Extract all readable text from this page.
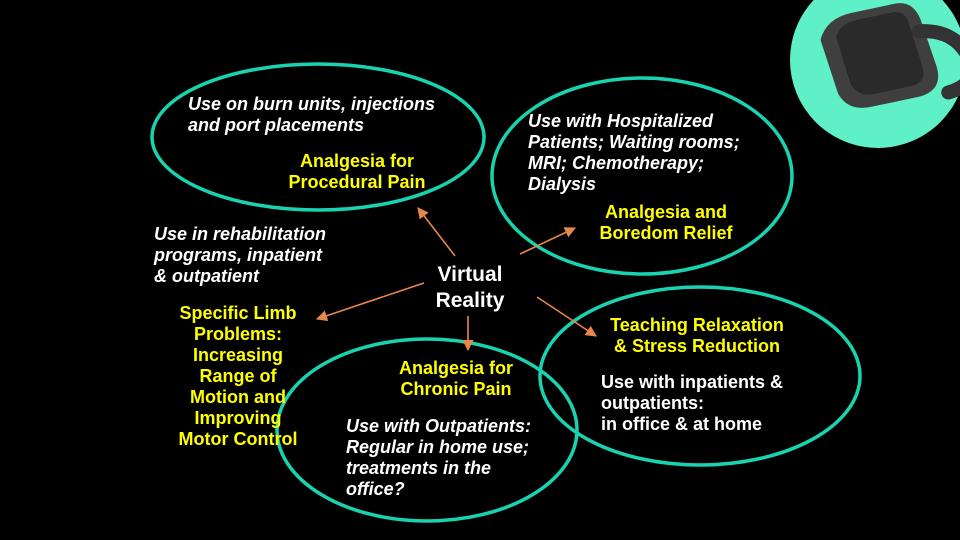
Virtual
Reality
Use on burn units, injections
and port placements
Analgesia for
Procedural Pain
Use with Hospitalized
Patients; Waiting rooms;
MRI; Chemotherapy;
Dialysis
Analgesia and
Boredom Relief
Use in rehabilitation
programs, inpatient
& outpatient
Specific Limb
Problems:
Increasing
Range of
Motion and
Improving
Motor Control
Analgesia for
Chronic Pain
Use with Outpatients:
Regular in home use;
treatments in the
office?
Teaching Relaxation
& Stress Reduction
Use with inpatients &
outpatients:
in office & at home
